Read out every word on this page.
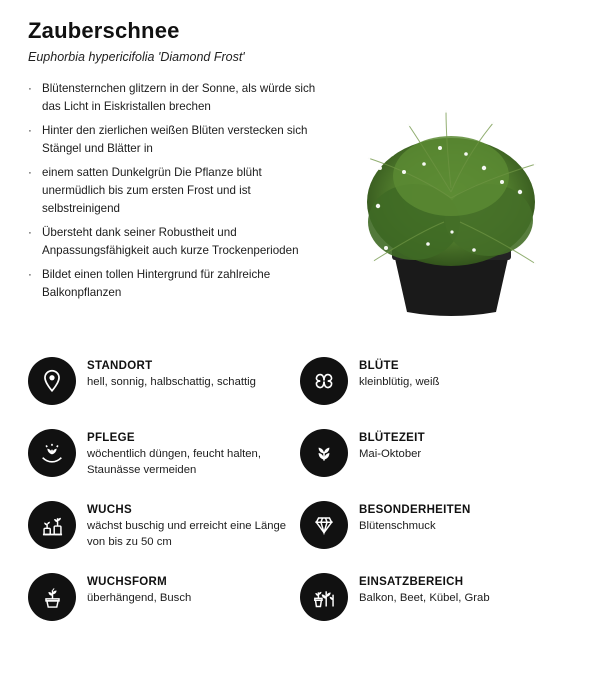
Zauberschnee

Euphorbia hypericifolia 'Diamond Frost'

· Blütensternchen glitzern in der Sonne, als würde sich das Licht in Eiskristallen brechen
· Hinter den zierlichen weißen Blüten verstecken sich Stängel und Blätter in
· einem satten Dunkelgrün Die Pflanze blüht unermüdlich bis zum ersten Frost und ist selbstreinigend
· Übersteht dank seiner Robustheit und Anpassungsfähigkeit auch kurze Trockenperioden
· Bildet einen tollen Hintergrund für zahlreiche Balkonpflanzen
STANDORT
hell, sonnig, halbschattig, schattig
BLÜTE
kleinblütig, weiß
PFLEGE
wöchentlich düngen, feucht halten, Staunässe vermeiden
BLÜTEZEIT
Mai-Oktober
WUCHS
wächst buschig und erreicht eine Länge von bis zu 50 cm
BESONDERHEITEN
Blütenschmuck
WUCHSFORM
überhängend, Busch
EINSATZBEREICH
Balkon, Beet, Kübel, Grab
